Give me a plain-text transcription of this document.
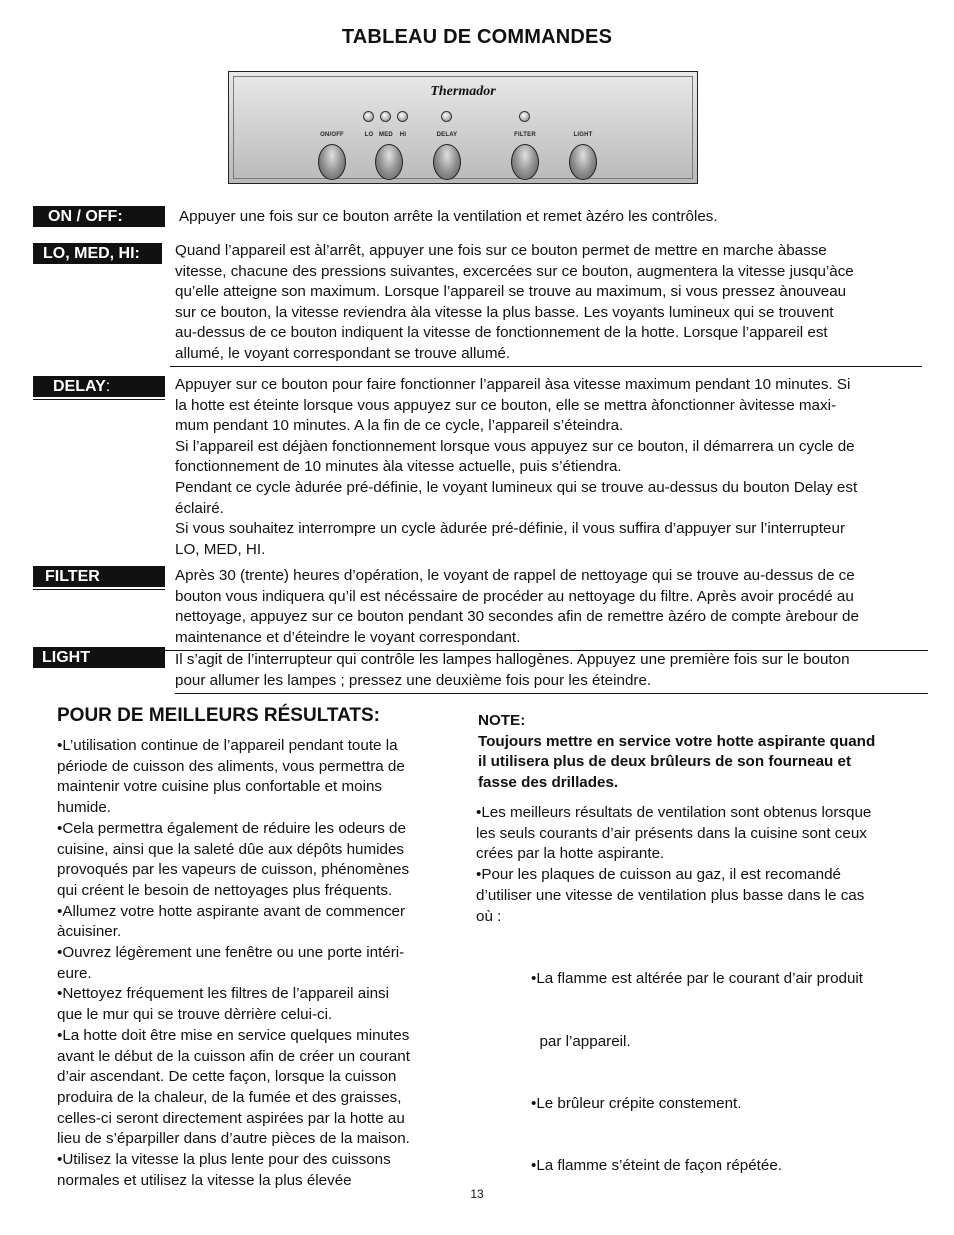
TABLEAU DE COMMANDES
Thermador
ON/OFF	LO MED	HI	DELAY	FILTER	LIGHT
ON / OFF:	Appuyer une fois sur ce bouton arrête la ventilation et remet àzéro les contrôles.
LO, MED, HI:	Quand l’appareil est àl’arrêt, appuyer une fois sur ce bouton permet de mettre en marche àbasse
vitesse, chacune des pressions suivantes, excercées sur ce bouton, augmentera la vitesse jusqu’àce
qu’elle atteigne son maximum. Lorsque l’appareil se trouve au maximum, si vous pressez ànouveau
sur ce bouton, la vitesse reviendra àla vitesse la plus basse. Les voyants lumineux qui se trouvent
au-dessus de ce bouton indiquent la vitesse de fonctionnement de la hotte. Lorsque l’appareil est
allumé, le voyant correspondant se trouve allumé.
DELAY:	Appuyer sur ce bouton pour faire fonctionner l’appareil àsa vitesse maximum pendant 10 minutes. Si
la hotte est éteinte lorsque vous appuyez sur ce bouton, elle se mettra àfonctionner àvitesse maxi-
mum pendant 10 minutes. A la fin de ce cycle, l’appareil s’éteindra.
Si l’appareil est déjàen fonctionnement lorsque vous appuyez sur ce bouton, il démarrera un cycle de
fonctionnement de 10 minutes àla vitesse actuelle, puis s’étiendra.
Pendant ce cycle àdurée pré-définie, le voyant lumineux qui se trouve au-dessus du bouton Delay est
éclairé.
Si vous souhaitez interrompre un cycle àdurée pré-définie, il vous suffira d’appuyer sur l’interrupteur
LO, MED, HI.
FILTER	Après 30 (trente) heures d’opération, le voyant de rappel de nettoyage qui se trouve au-dessus de ce
bouton vous indiquera qu’il est nécéssaire de procéder au nettoyage du filtre. Après avoir procédé au
nettoyage, appuyez sur ce bouton pendant 30 secondes afin de remettre àzéro de compte àrebour de
maintenance et d’éteindre le voyant correspondant.
LIGHT	Il s’agit de l’interrupteur qui contrôle les lampes hallogènes. Appuyez une première fois sur le bouton
pour allumer les lampes ; pressez une deuxième fois pour les éteindre.
POUR DE MEILLEURS RÉSULTATS:

•L’utilisation continue de l’appareil pendant toute la

période de cuisson des aliments, vous permettra de

maintenir votre cuisine plus confortable et moins

humide.

•Cela permettra également de réduire les odeurs de

cuisine, ainsi que la saleté dûe aux dépôts humides

provoqués par les vapeurs de cuisson, phénomènes

qui créent le besoin de nettoyages plus fréquents.

•Allumez votre hotte aspirante avant de commencer

àcuisiner.

•Ouvrez légèrement une fenêtre ou une porte intéri-

eure.

•Nettoyez fréquement les filtres de l’appareil ainsi

que le mur qui se trouve dèrrière celui-ci.

•La hotte doit être mise en service quelques minutes

avant le début de la cuisson afin de créer un courant

d’air ascendant. De cette façon, lorsque la cuisson

produira de la chaleur, de la fumée et des graisses,

celles-ci seront directement aspirées par la hotte au

lieu de s’éparpiller dans d’autre pièces de la maison.

•Utilisez la vitesse la plus lente pour des cuissons

normales et utilisez la vitesse la plus élevée

NOTE:

Toujours mettre en service votre hotte aspirante quand

il utilisera plus de deux brûleurs de son fourneau et

fasse des drillades.

•Les meilleurs résultats de ventilation sont obtenus lorsque

les seuls courants d’air présents dans la cuisine sont ceux

crées par la hotte aspirante.

•Pour les plaques de cuisson au gaz, il est recomandé

d’utiliser une vitesse de ventilation plus basse dans le cas

où :

•La flamme est altérée par le courant d’air produit

par l’appareil.

•Le brûleur crépite constement.

•La flamme s’éteint de façon répétée.

13
